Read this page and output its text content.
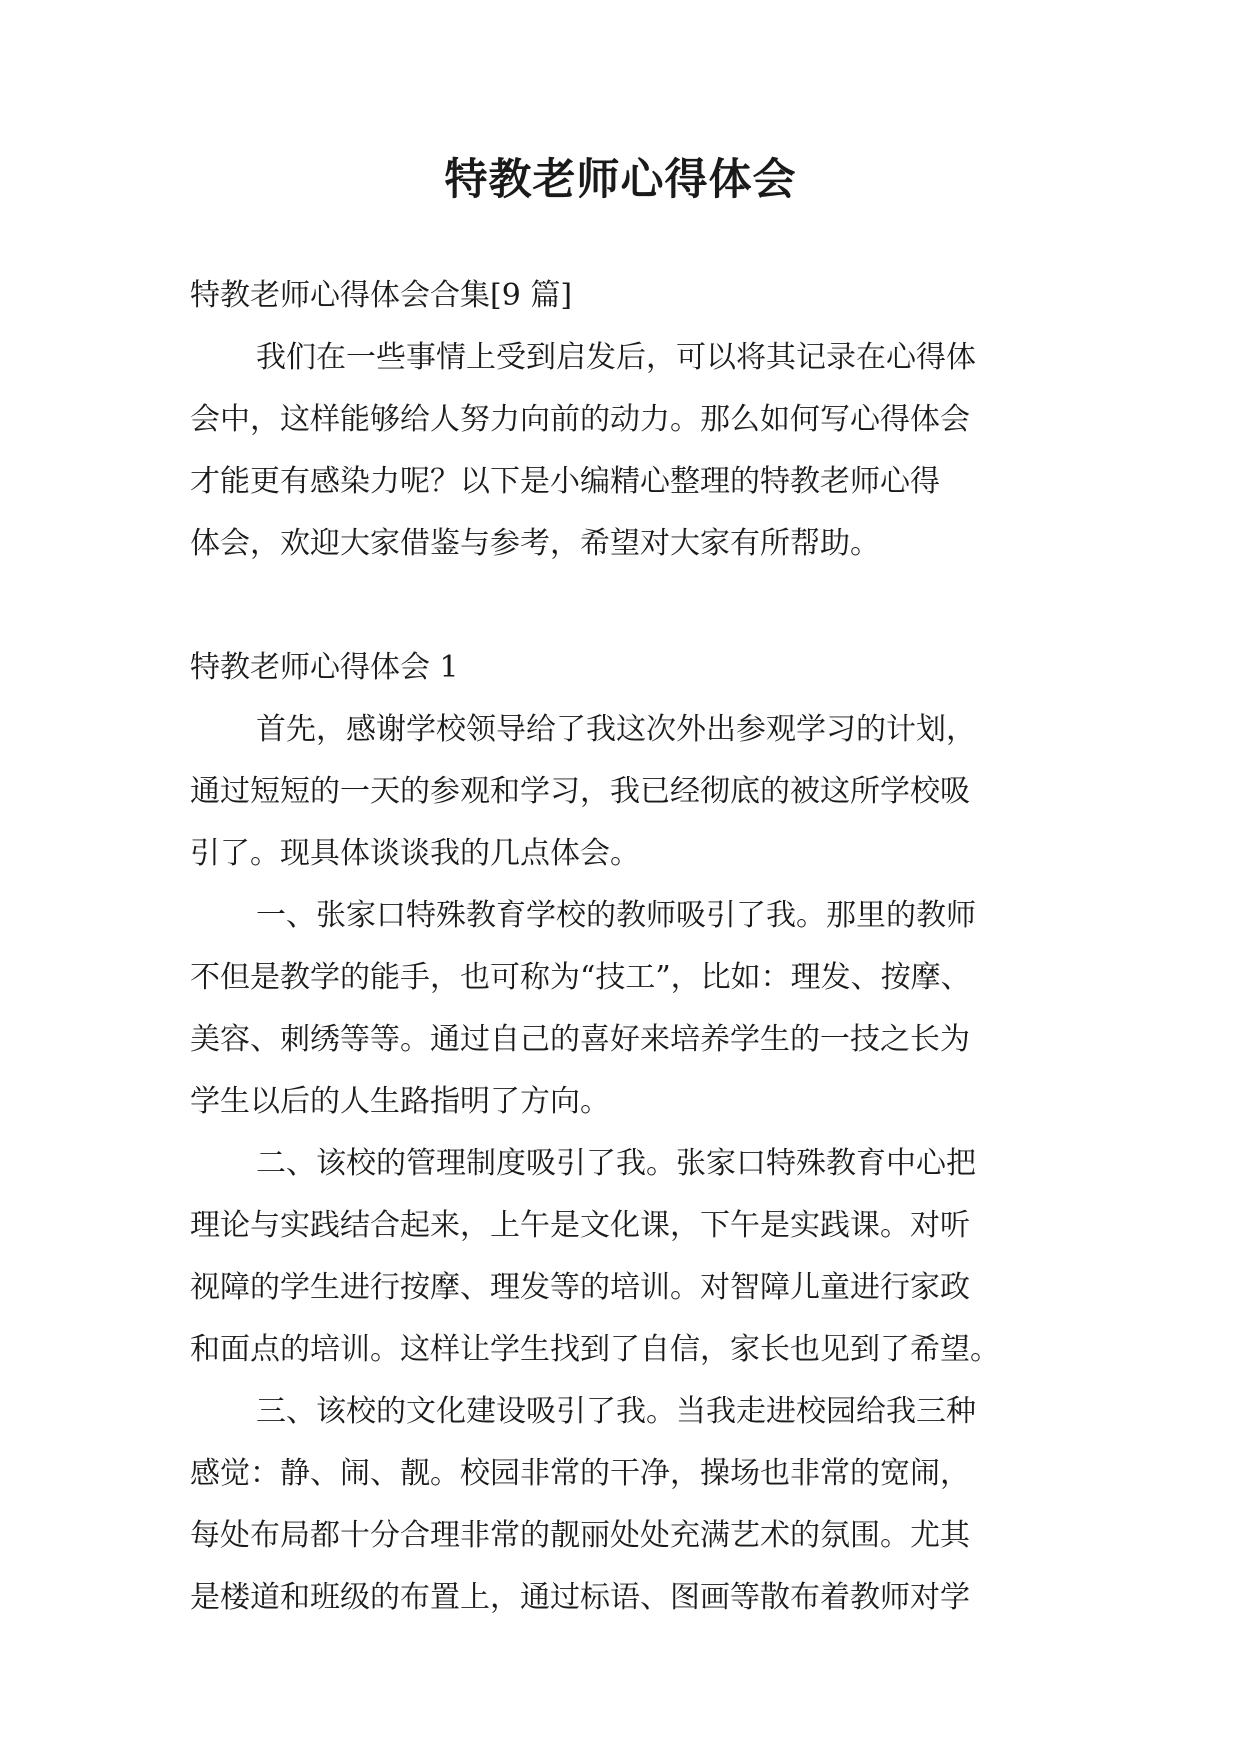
特教老师心得体会
特教老师心得体会合集[9 篇]
我们在一些事情上受到启发后，可以将其记录在心得体
会中，这样能够给人努力向前的动力。那么如何写心得体会
才能更有感染力呢？以下是小编精心整理的特教老师心得
体会，欢迎大家借鉴与参考，希望对大家有所帮助。
特教老师心得体会 1
首先，感谢学校领导给了我这次外出参观学习的计划，
通过短短的一天的参观和学习，我已经彻底的被这所学校吸
引了。现具体谈谈我的几点体会。
一、张家口特殊教育学校的教师吸引了我。那里的教师
不但是教学的能手，也可称为“技工”，比如：理发、按摩、
美容、刺绣等等。通过自己的喜好来培养学生的一技之长为
学生以后的人生路指明了方向。
二、该校的管理制度吸引了我。张家口特殊教育中心把
理论与实践结合起来，上午是文化课，下午是实践课。对听
视障的学生进行按摩、理发等的培训。对智障儿童进行家政
和面点的培训。这样让学生找到了自信，家长也见到了希望。
三、该校的文化建设吸引了我。当我走进校园给我三种
感觉：静、闹、靓。校园非常的干净，操场也非常的宽闹，
每处布局都十分合理非常的靓丽处处充满艺术的氛围。尤其
是楼道和班级的布置上，通过标语、图画等散布着教师对学
